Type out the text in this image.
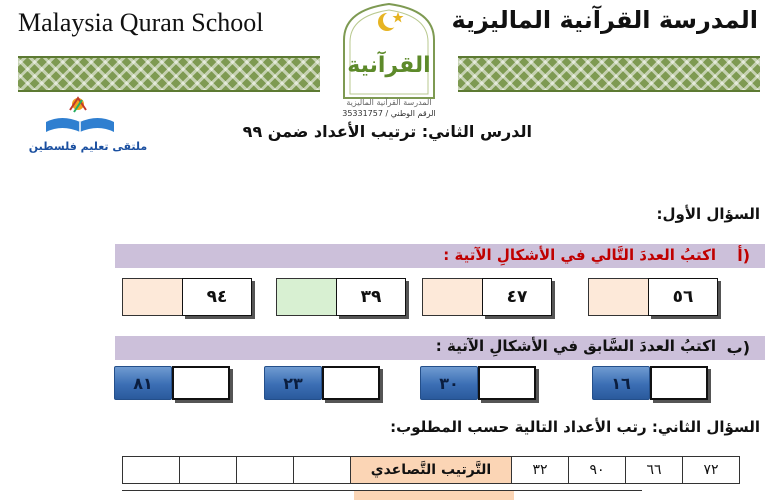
Malaysia Quran School	المدرسة القرآنية الماليزية
القرآنية
المدرسة القرآنية الماليزية
الرقم الوطني / 35331757
ملتقى تعليم فلسطين
الدرس الثاني: ترتيب الأعداد ضمن ٩٩
السؤال الأول:
أ)
اكتبُ العددَ التَّالي في الأشكالِ الآتية :
٥٦
٤٧
٣٩
٩٤
ب)
اكتبُ العددَ السَّابق في الأشكالِ الآتية :
١٦
٣٠
٢٣
٨١
السؤال الثاني: رتب الأعداد التالية حسب المطلوب:
٧٢	٦٦	٩٠	٣٢	التَّرتيب التَّصاعدي				
